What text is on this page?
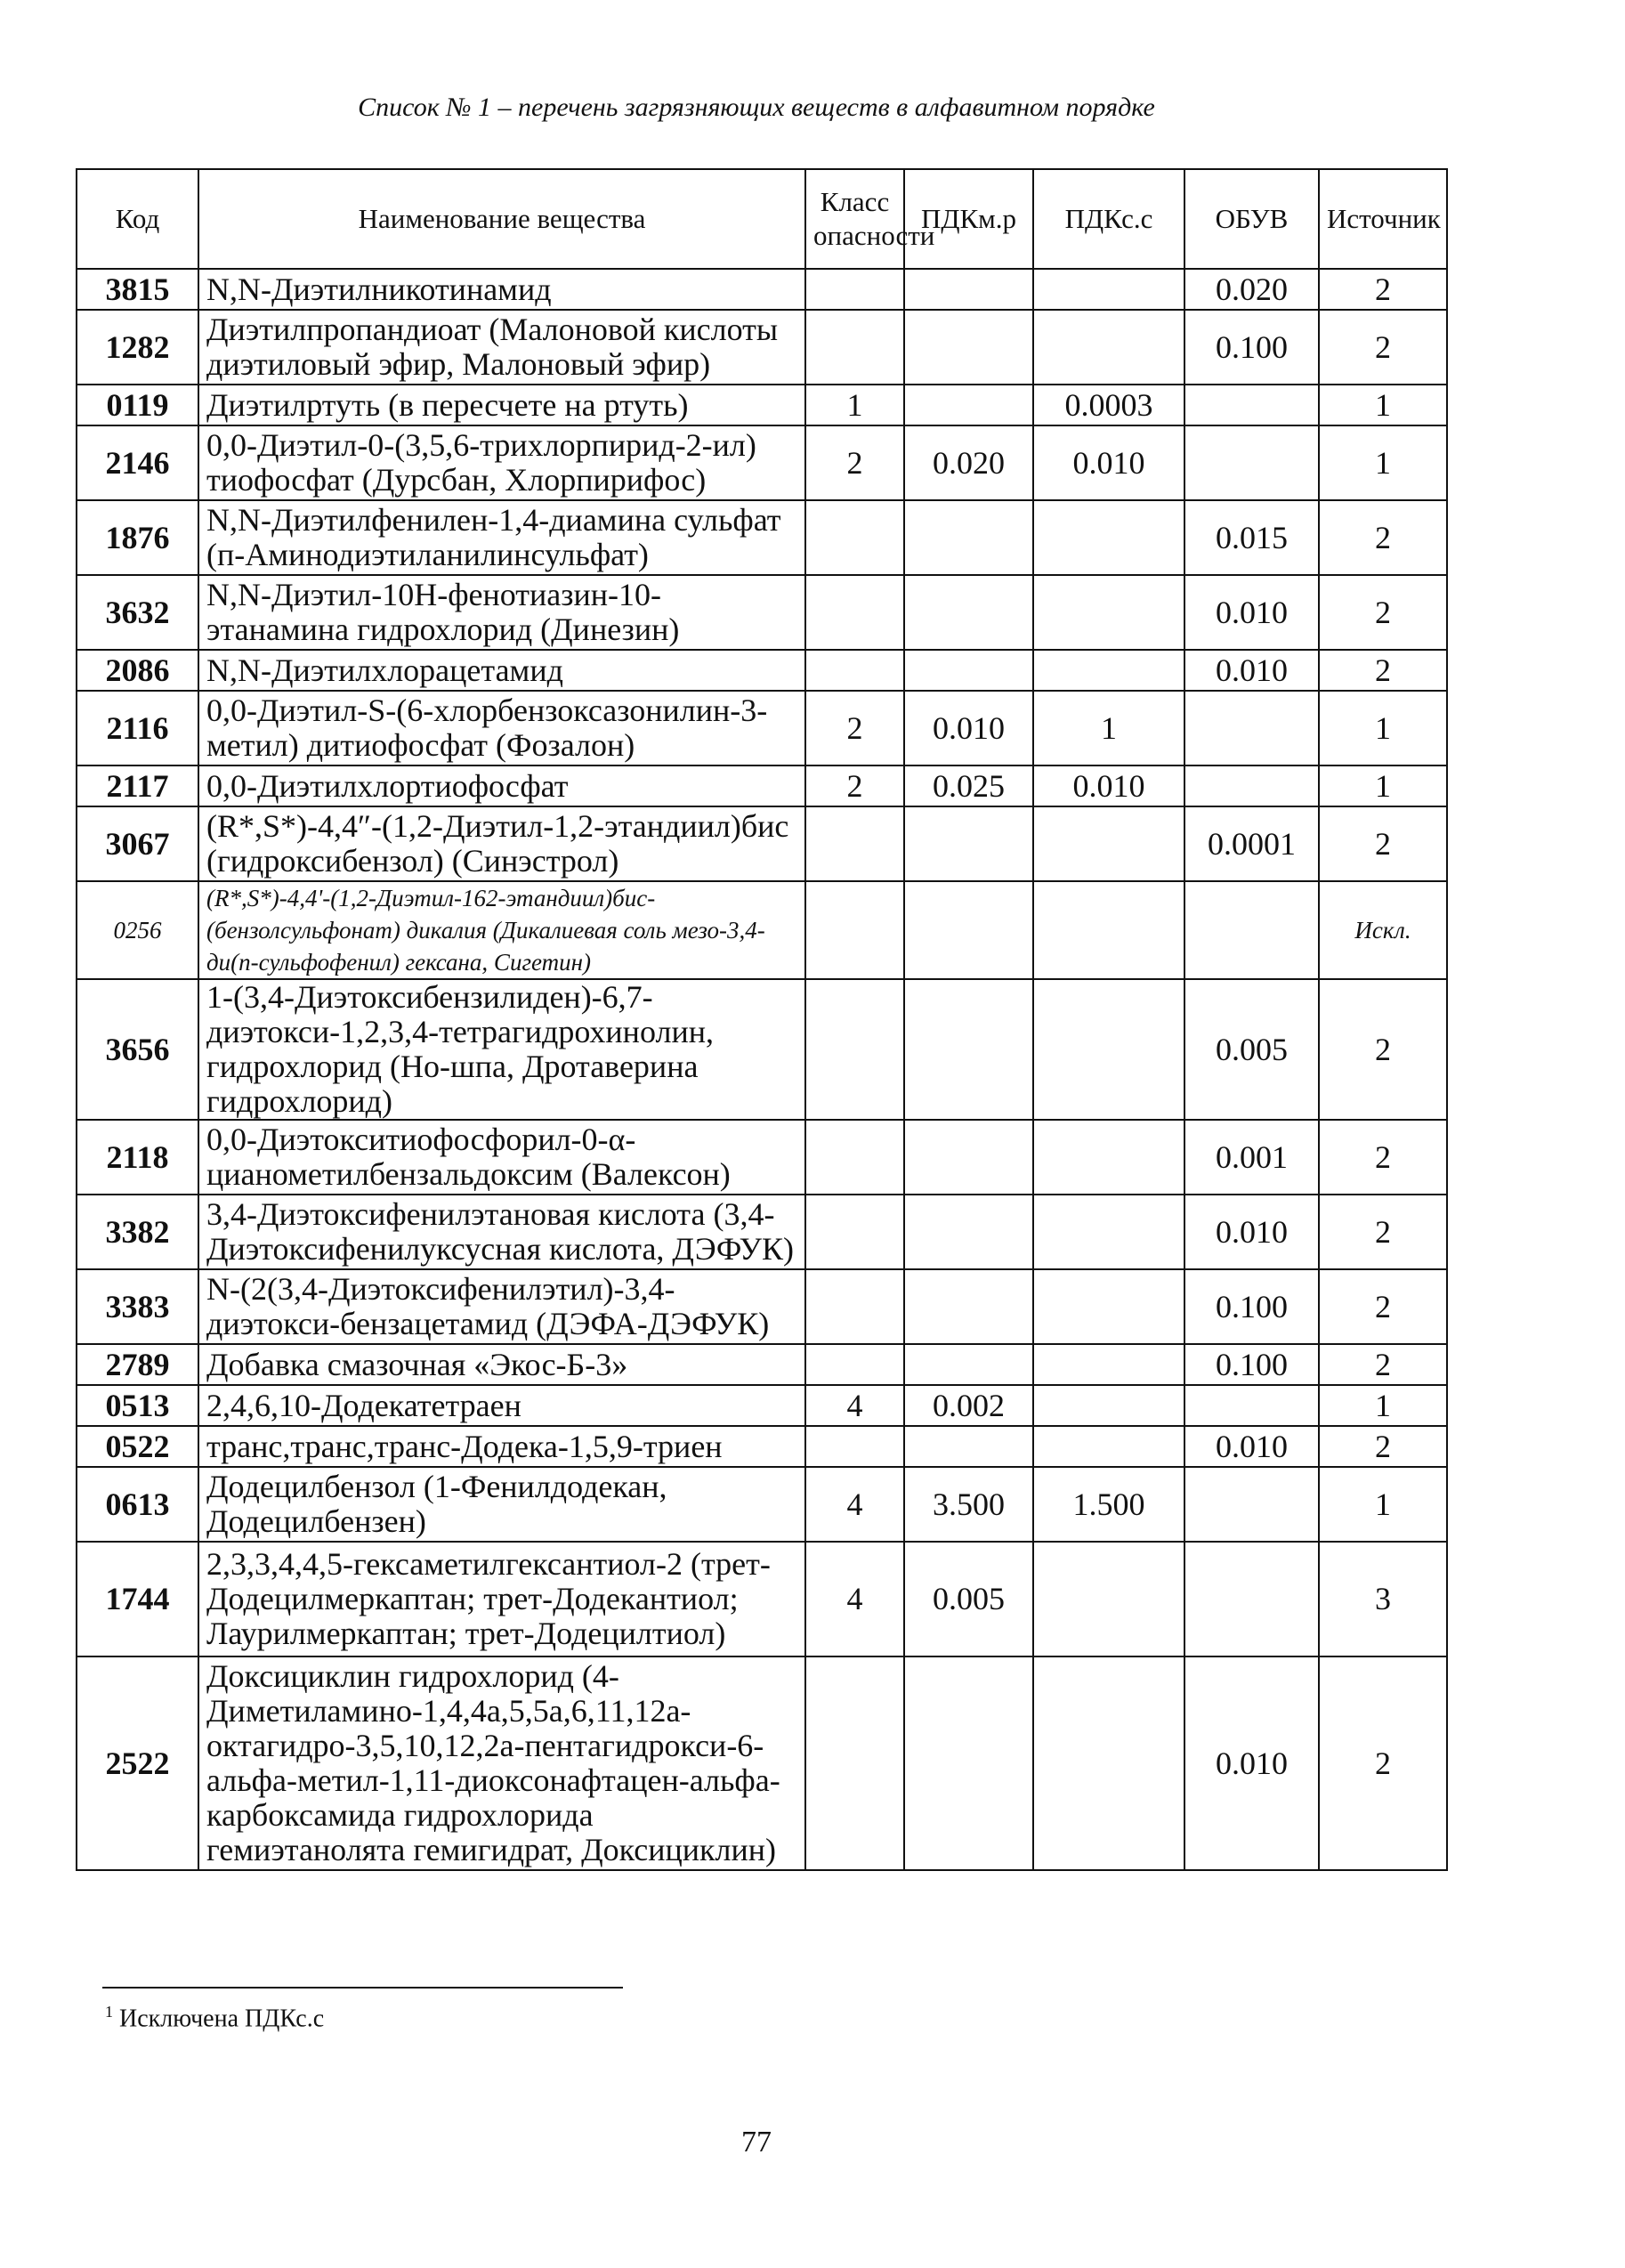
Список № 1 – перечень загрязняющих веществ в алфавитном порядке
Код	Наименование вещества	Класс опасности	ПДКм.р	ПДКс.с	ОБУВ	Источник
3815	N,N-Диэтилникотинамид				0.020	2
1282	Диэтилпропандиоат (Малоновой кислоты диэтиловый эфир, Малоновый эфир)				0.100	2
0119	Диэтилртуть (в пересчете на ртуть)	1		0.0003		1
2146	0,0-Диэтил-0-(3,5,6-трихлорпирид-2-ил) тиофосфат (Дурсбан, Хлорпирифос)	2	0.020	0.010		1
1876	N,N-Диэтилфенилен-1,4-диамина сульфат (п-Аминодиэтиланилинсульфат)				0.015	2
3632	N,N-Диэтил-10Н-фенотиазин-10-этанамина гидрохлорид (Динезин)				0.010	2
2086	N,N-Диэтилхлорацетамид				0.010	2
2116	0,0-Диэтил-S-(6-хлорбензоксазонилин-3-метил) дитиофосфат (Фозалон)	2	0.010	1		1
2117	0,0-Диэтилхлортиофосфат	2	0.025	0.010		1
3067	(R*,S*)-4,4″-(1,2-Диэтил-1,2-этандиил)бис (гидроксибензол) (Синэстрол)				0.0001	2
0256	(R*,S*)-4,4'-(1,2-Диэтил-162-этандиил)бис-(бензолсульфонат) дикалия (Дикалиевая соль мезо-3,4-ди(п-сульфофенил) гексана, Сигетин)					Искл.
3656	1-(3,4-Диэтоксибензилиден)-6,7-диэтокси-1,2,3,4-тетрагидрохинолин, гидрохлорид (Но-шпа, Дротаверина гидрохлорид)				0.005	2
2118	0,0-Диэтокситиофосфорил-0-α-цианометилбензальдоксим (Валексон)				0.001	2
3382	3,4-Диэтоксифенилэтановая кислота (3,4-Диэтоксифенилуксусная кислота, ДЭФУК)				0.010	2
3383	N-(2(3,4-Диэтоксифенилэтил)-3,4-диэтокси-бензацетамид (ДЭФА-ДЭФУК)				0.100	2
2789	Добавка смазочная «Экос-Б-3»				0.100	2
0513	2,4,6,10-Додекатетраен	4	0.002			1
0522	транс,транс,транс-Додека-1,5,9-триен				0.010	2
0613	Додецилбензол (1-Фенилдодекан, Додецилбензен)	4	3.500	1.500		1
1744	2,3,3,4,4,5-гексаметилгексантиол-2 (трет-Додецилмеркаптан; трет-Додекантиол; Лаурилмеркаптан; трет-Додецилтиол)	4	0.005			3
2522	Доксициклин гидрохлорид (4-Диметиламино-1,4,4a,5,5a,6,11,12a-октагидро-3,5,10,12,2a-пентагидрокси-6-альфа-метил-1,11-диоксонафтацен-альфа-карбоксамида гидрохлорида гемиэтанолята гемигидрат, Доксициклин)				0.010	2
$^1$ Исключена ПДКс.с
77
